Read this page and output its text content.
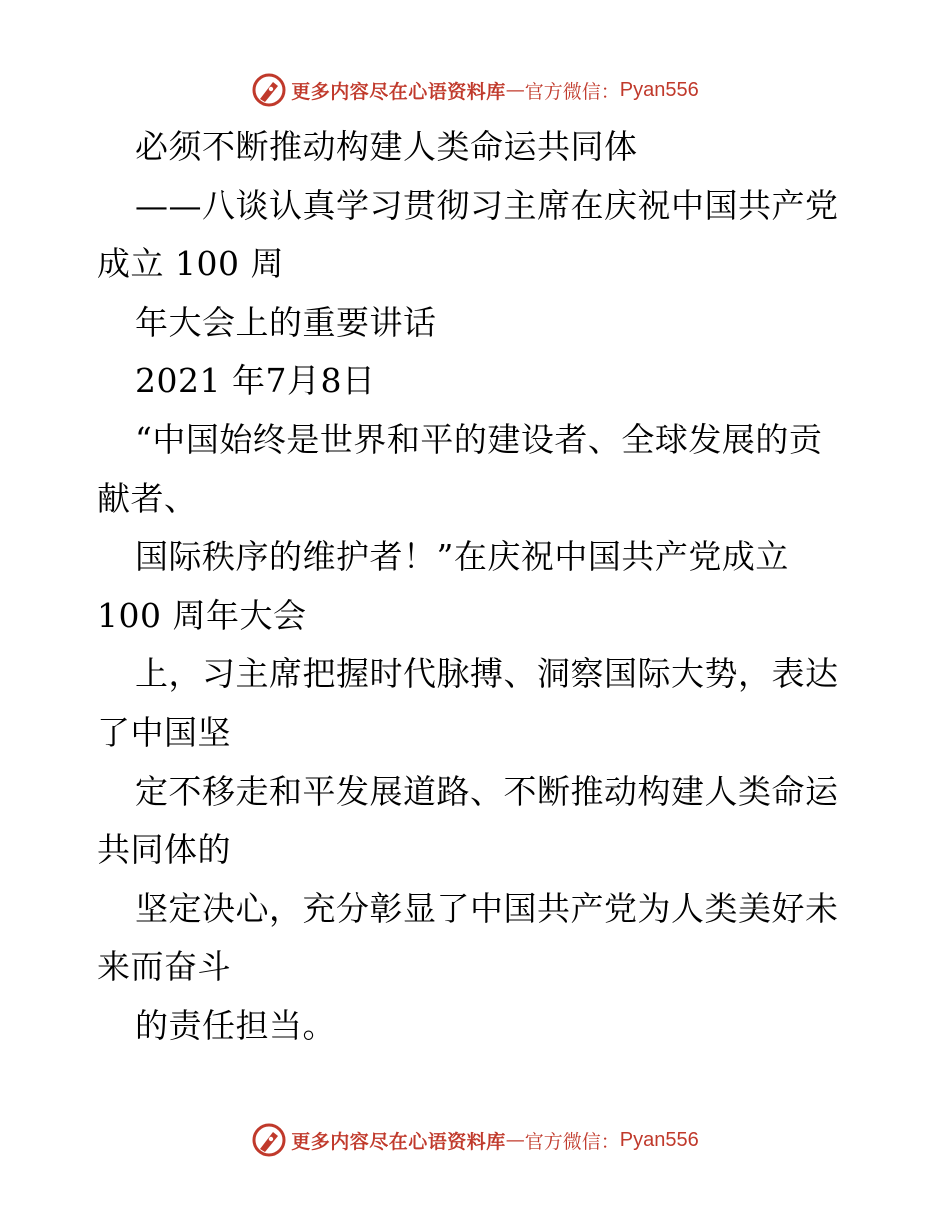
更多内容尽在心语资料库 — 官方微信： Pyan556
必须不断推动构建人类命运共同体
——八谈认真学习贯彻习主席在庆祝中国共产党
成立 100 周
年大会上的重要讲话
2021 年7月8日
“中国始终是世界和平的建设者、全球发展的贡
献者、
国际秩序的维护者！”在庆祝中国共产党成立
100 周年大会
上，习主席把握时代脉搏、洞察国际大势，表达
了中国坚
定不移走和平发展道路、不断推动构建人类命运
共同体的
坚定决心，充分彰显了中国共产党为人类美好未
来而奋斗
的责任担当。
更多内容尽在心语资料库 — 官方微信： Pyan556
